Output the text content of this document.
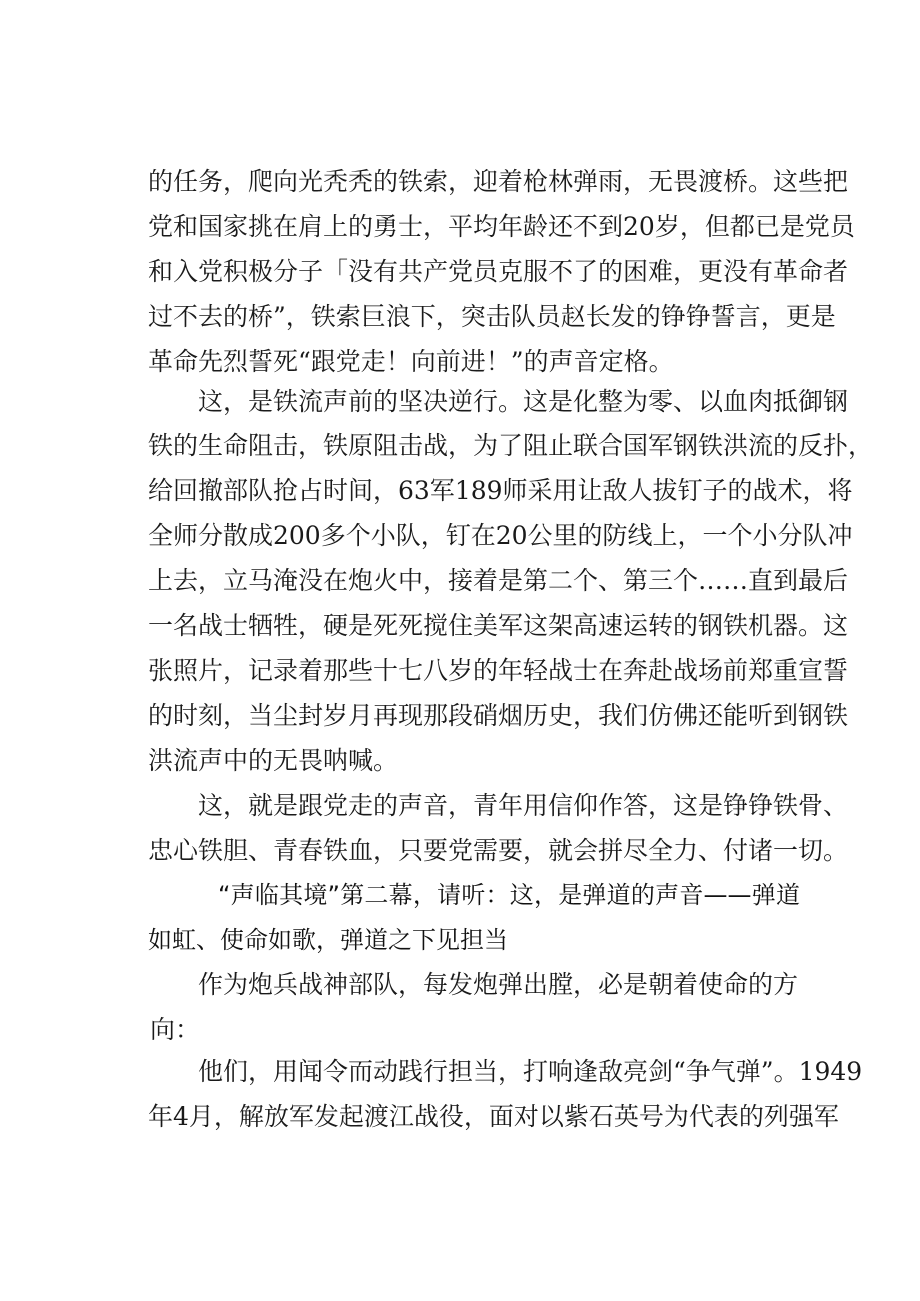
的任务，爬向光秃秃的铁索，迎着枪林弹雨，无畏渡桥。这些把
党和国家挑在肩上的勇士，平均年龄还不到20岁，但都已是党员
和入党积极分子「没有共产党员克服不了的困难，更没有革命者
过不去的桥”，铁索巨浪下，突击队员赵长发的铮铮誓言，更是
革命先烈誓死“跟党走！向前进！”的声音定格。
这，是铁流声前的坚决逆行。这是化整为零、以血肉抵御钢
铁的生命阻击，铁原阻击战，为了阻止联合国军钢铁洪流的反扑，
给回撤部队抢占时间，63军189师采用让敌人拔钉子的战术，将
全师分散成200多个小队，钉在20公里的防线上，一个小分队冲
上去，立马淹没在炮火中，接着是第二个、第三个……直到最后
一名战士牺牲，硬是死死搅住美军这架高速运转的钢铁机器。这
张照片，记录着那些十七八岁的年轻战士在奔赴战场前郑重宣誓
的时刻，当尘封岁月再现那段硝烟历史，我们仿佛还能听到钢铁
洪流声中的无畏呐喊。
这，就是跟党走的声音，青年用信仰作答，这是铮铮铁骨、
忠心铁胆、青春铁血，只要党需要，就会拼尽全力、付诸一切。
“声临其境”第二幕，请听：这，是弹道的声音——弹道
如虹、使命如歌，弹道之下见担当
作为炮兵战神部队，每发炮弹出膛，必是朝着使命的方
向：
他们，用闻令而动践行担当，打响逢敌亮剑“争气弹”。1949
年4月，解放军发起渡江战役，面对以紫石英号为代表的列强军
